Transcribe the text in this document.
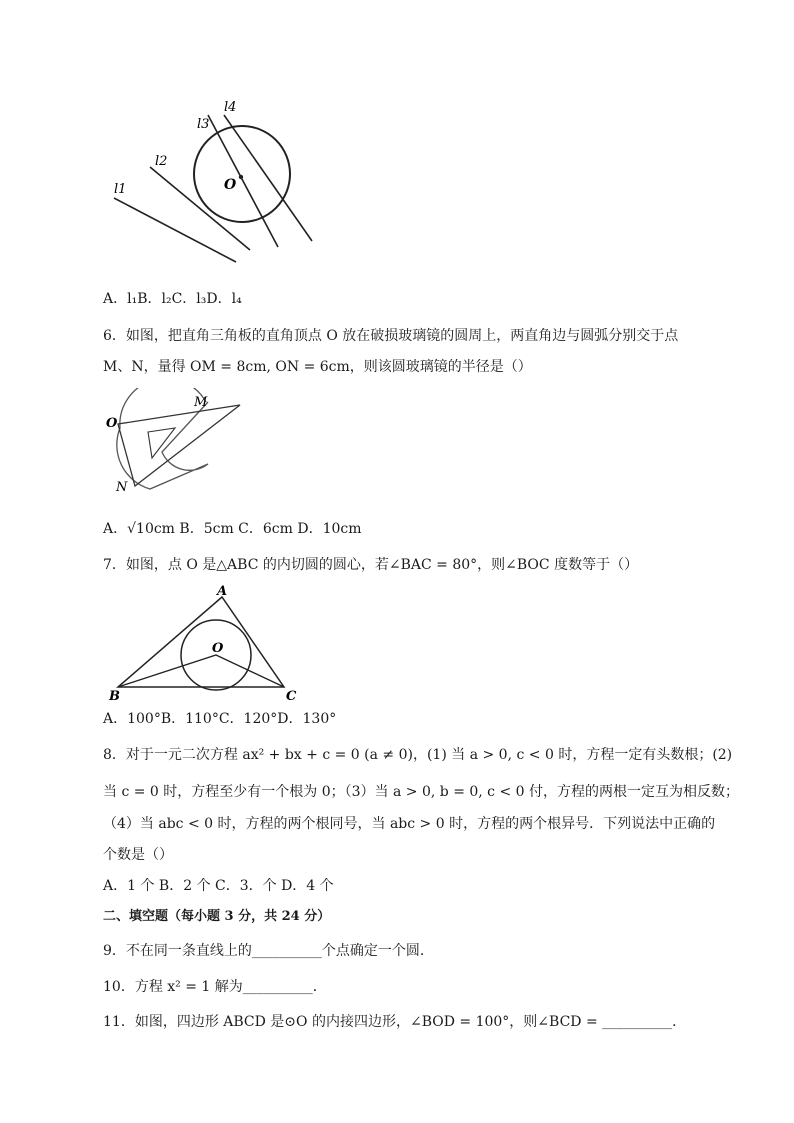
l4
l3
l2
l1	O
A．l₁B．l₂C．l₃D．l₄
6．如图，把直角三角板的直角顶点 O 放在破损玻璃镜的圆周上，两直角边与圆弧分别交于点
M、N，量得 OM = 8cm, ON = 6cm，则该圆玻璃镜的半径是（）
O
M
N
A．√10cm B．5cm C．6cm D．10cm
7．如图，点 O 是△ABC 的内切圆的圆心，若∠BAC = 80°，则∠BOC 度数等于（）
A
O
B	C
A．100°B．110°C．120°D．130°
8．对于一元二次方程 ax² + bx + c = 0 (a ≠ 0)，(1) 当 a > 0, c < 0 时，方程一定有头数根；(2)
当 c = 0 时，方程至少有一个根为 0；（3）当 a > 0, b = 0, c < 0 付，方程的两根一定互为相反数；
（4）当 abc < 0 时，方程的两个根同号，当 abc > 0 时，方程的两个根异号．下列说法中正确的
个数是（）
A．1 个 B．2 个 C．3．个 D．4 个
二、填空题（每小题 3 分，共 24 分）
9．不在同一条直线上的__________个点确定一个圆．
10．方程 x² = 1 解为__________．
11．如图，四边形 ABCD 是⊙O 的内接四边形，∠BOD = 100°，则∠BCD = __________．
